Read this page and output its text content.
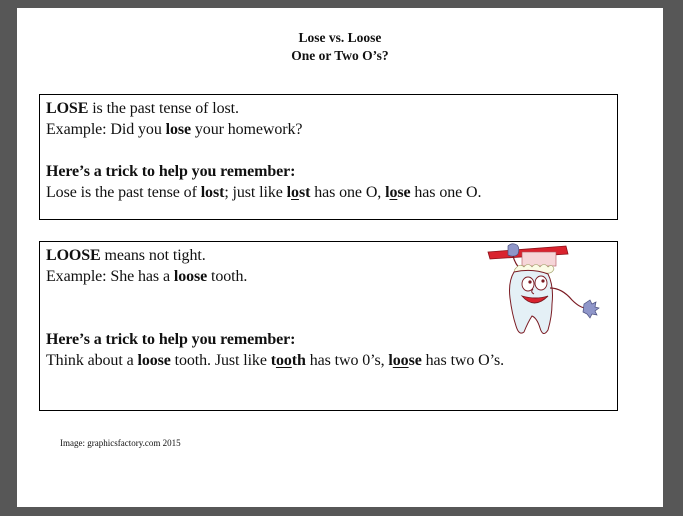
Lose vs. Loose
One or Two O’s?
LOSE is the past tense of lost.
Example: Did you lose your homework?
Here’s a trick to help you remember:
Lose is the past tense of lost; just like lost has one O, lose has one O.
LOOSE means not tight.
Example: She has a loose tooth.
Here’s a trick to help you remember:
Think about a loose tooth. Just like tooth has two 0’s, loose has two O’s.
Image: graphicsfactory.com 2015
